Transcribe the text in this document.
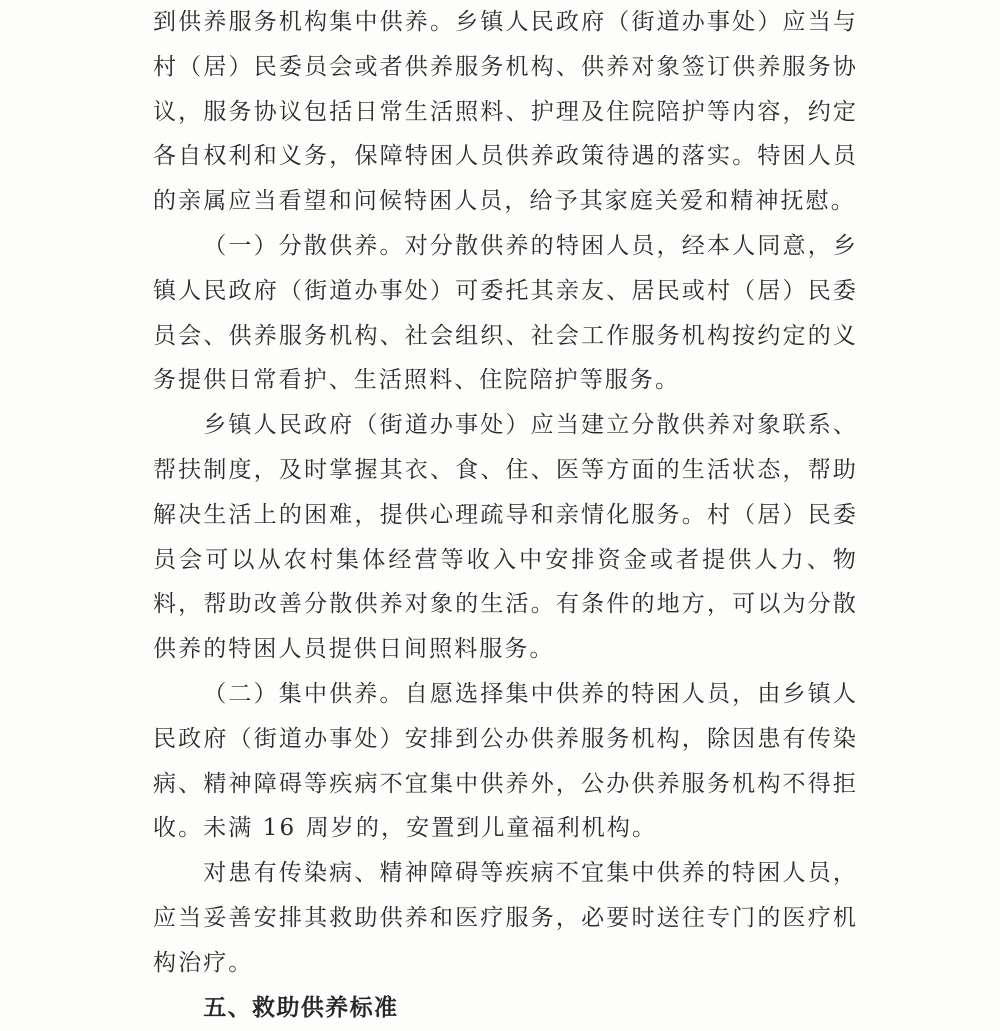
到供养服务机构集中供养。乡镇人民政府（街道办事处）应当与
村（居）民委员会或者供养服务机构、供养对象签订供养服务协
议，服务协议包括日常生活照料、护理及住院陪护等内容，约定
各自权利和义务，保障特困人员供养政策待遇的落实。特困人员
的亲属应当看望和问候特困人员，给予其家庭关爱和精神抚慰。
（一）分散供养。对分散供养的特困人员，经本人同意，乡
镇人民政府（街道办事处）可委托其亲友、居民或村（居）民委
员会、供养服务机构、社会组织、社会工作服务机构按约定的义
务提供日常看护、生活照料、住院陪护等服务。
乡镇人民政府（街道办事处）应当建立分散供养对象联系、
帮扶制度，及时掌握其衣、食、住、医等方面的生活状态，帮助
解决生活上的困难，提供心理疏导和亲情化服务。村（居）民委
员会可以从农村集体经营等收入中安排资金或者提供人力、物
料，帮助改善分散供养对象的生活。有条件的地方，可以为分散
供养的特困人员提供日间照料服务。
（二）集中供养。自愿选择集中供养的特困人员，由乡镇人
民政府（街道办事处）安排到公办供养服务机构，除因患有传染
病、精神障碍等疾病不宜集中供养外，公办供养服务机构不得拒
收。未满 16 周岁的，安置到儿童福利机构。
对患有传染病、精神障碍等疾病不宜集中供养的特困人员，
应当妥善安排其救助供养和医疗服务，必要时送往专门的医疗机
构治疗。
五、救助供养标准
